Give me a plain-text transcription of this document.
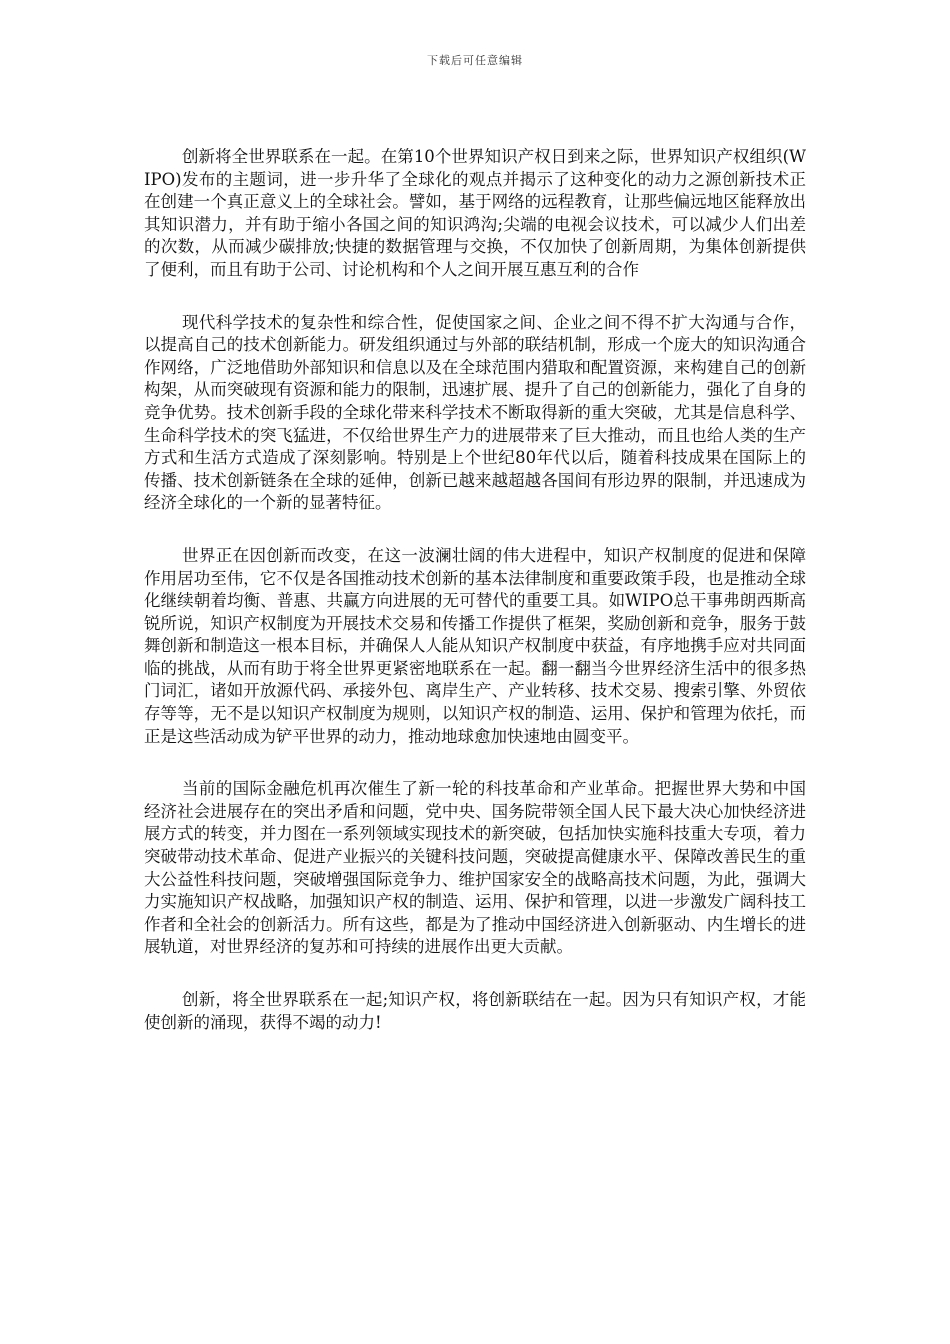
下载后可任意编辑

创新将全世界联系在一起。在第10个世界知识产权日到来之际，世界知识产权组织(WIPO)发布的主题词，进一步升华了全球化的观点并揭示了这种变化的动力之源创新技术正在创建一个真正意义上的全球社会。譬如，基于网络的远程教育，让那些偏远地区能释放出其知识潜力，并有助于缩小各国之间的知识鸿沟;尖端的电视会议技术，可以减少人们出差的次数，从而减少碳排放;快捷的数据管理与交换，不仅加快了创新周期，为集体创新提供了便利，而且有助于公司、讨论机构和个人之间开展互惠互利的合作

现代科学技术的复杂性和综合性，促使国家之间、企业之间不得不扩大沟通与合作，以提高自己的技术创新能力。研发组织通过与外部的联结机制，形成一个庞大的知识沟通合作网络，广泛地借助外部知识和信息以及在全球范围内猎取和配置资源，来构建自己的创新构架，从而突破现有资源和能力的限制，迅速扩展、提升了自己的创新能力，强化了自身的竞争优势。技术创新手段的全球化带来科学技术不断取得新的重大突破，尤其是信息科学、生命科学技术的突飞猛进，不仅给世界生产力的进展带来了巨大推动，而且也给人类的生产方式和生活方式造成了深刻影响。特别是上个世纪80年代以后，随着科技成果在国际上的传播、技术创新链条在全球的延伸，创新已越来越超越各国间有形边界的限制，并迅速成为经济全球化的一个新的显著特征。

世界正在因创新而改变，在这一波澜壮阔的伟大进程中，知识产权制度的促进和保障作用居功至伟，它不仅是各国推动技术创新的基本法律制度和重要政策手段，也是推动全球化继续朝着均衡、普惠、共赢方向进展的无可替代的重要工具。如WIPO总干事弗朗西斯高锐所说，知识产权制度为开展技术交易和传播工作提供了框架，奖励创新和竞争，服务于鼓舞创新和制造这一根本目标，并确保人人能从知识产权制度中获益，有序地携手应对共同面临的挑战，从而有助于将全世界更紧密地联系在一起。翻一翻当今世界经济生活中的很多热门词汇，诸如开放源代码、承接外包、离岸生产、产业转移、技术交易、搜索引擎、外贸依存等等，无不是以知识产权制度为规则，以知识产权的制造、运用、保护和管理为依托，而正是这些活动成为铲平世界的动力，推动地球愈加快速地由圆变平。

当前的国际金融危机再次催生了新一轮的科技革命和产业革命。把握世界大势和中国经济社会进展存在的突出矛盾和问题，党中央、国务院带领全国人民下最大决心加快经济进展方式的转变，并力图在一系列领域实现技术的新突破，包括加快实施科技重大专项，着力突破带动技术革命、促进产业振兴的关键科技问题，突破提高健康水平、保障改善民生的重大公益性科技问题，突破增强国际竞争力、维护国家安全的战略高技术问题，为此，强调大力实施知识产权战略，加强知识产权的制造、运用、保护和管理，以进一步激发广阔科技工作者和全社会的创新活力。所有这些，都是为了推动中国经济进入创新驱动、内生增长的进展轨道，对世界经济的复苏和可持续的进展作出更大贡献。

创新，将全世界联系在一起;知识产权，将创新联结在一起。因为只有知识产权，才能使创新的涌现，获得不竭的动力!
